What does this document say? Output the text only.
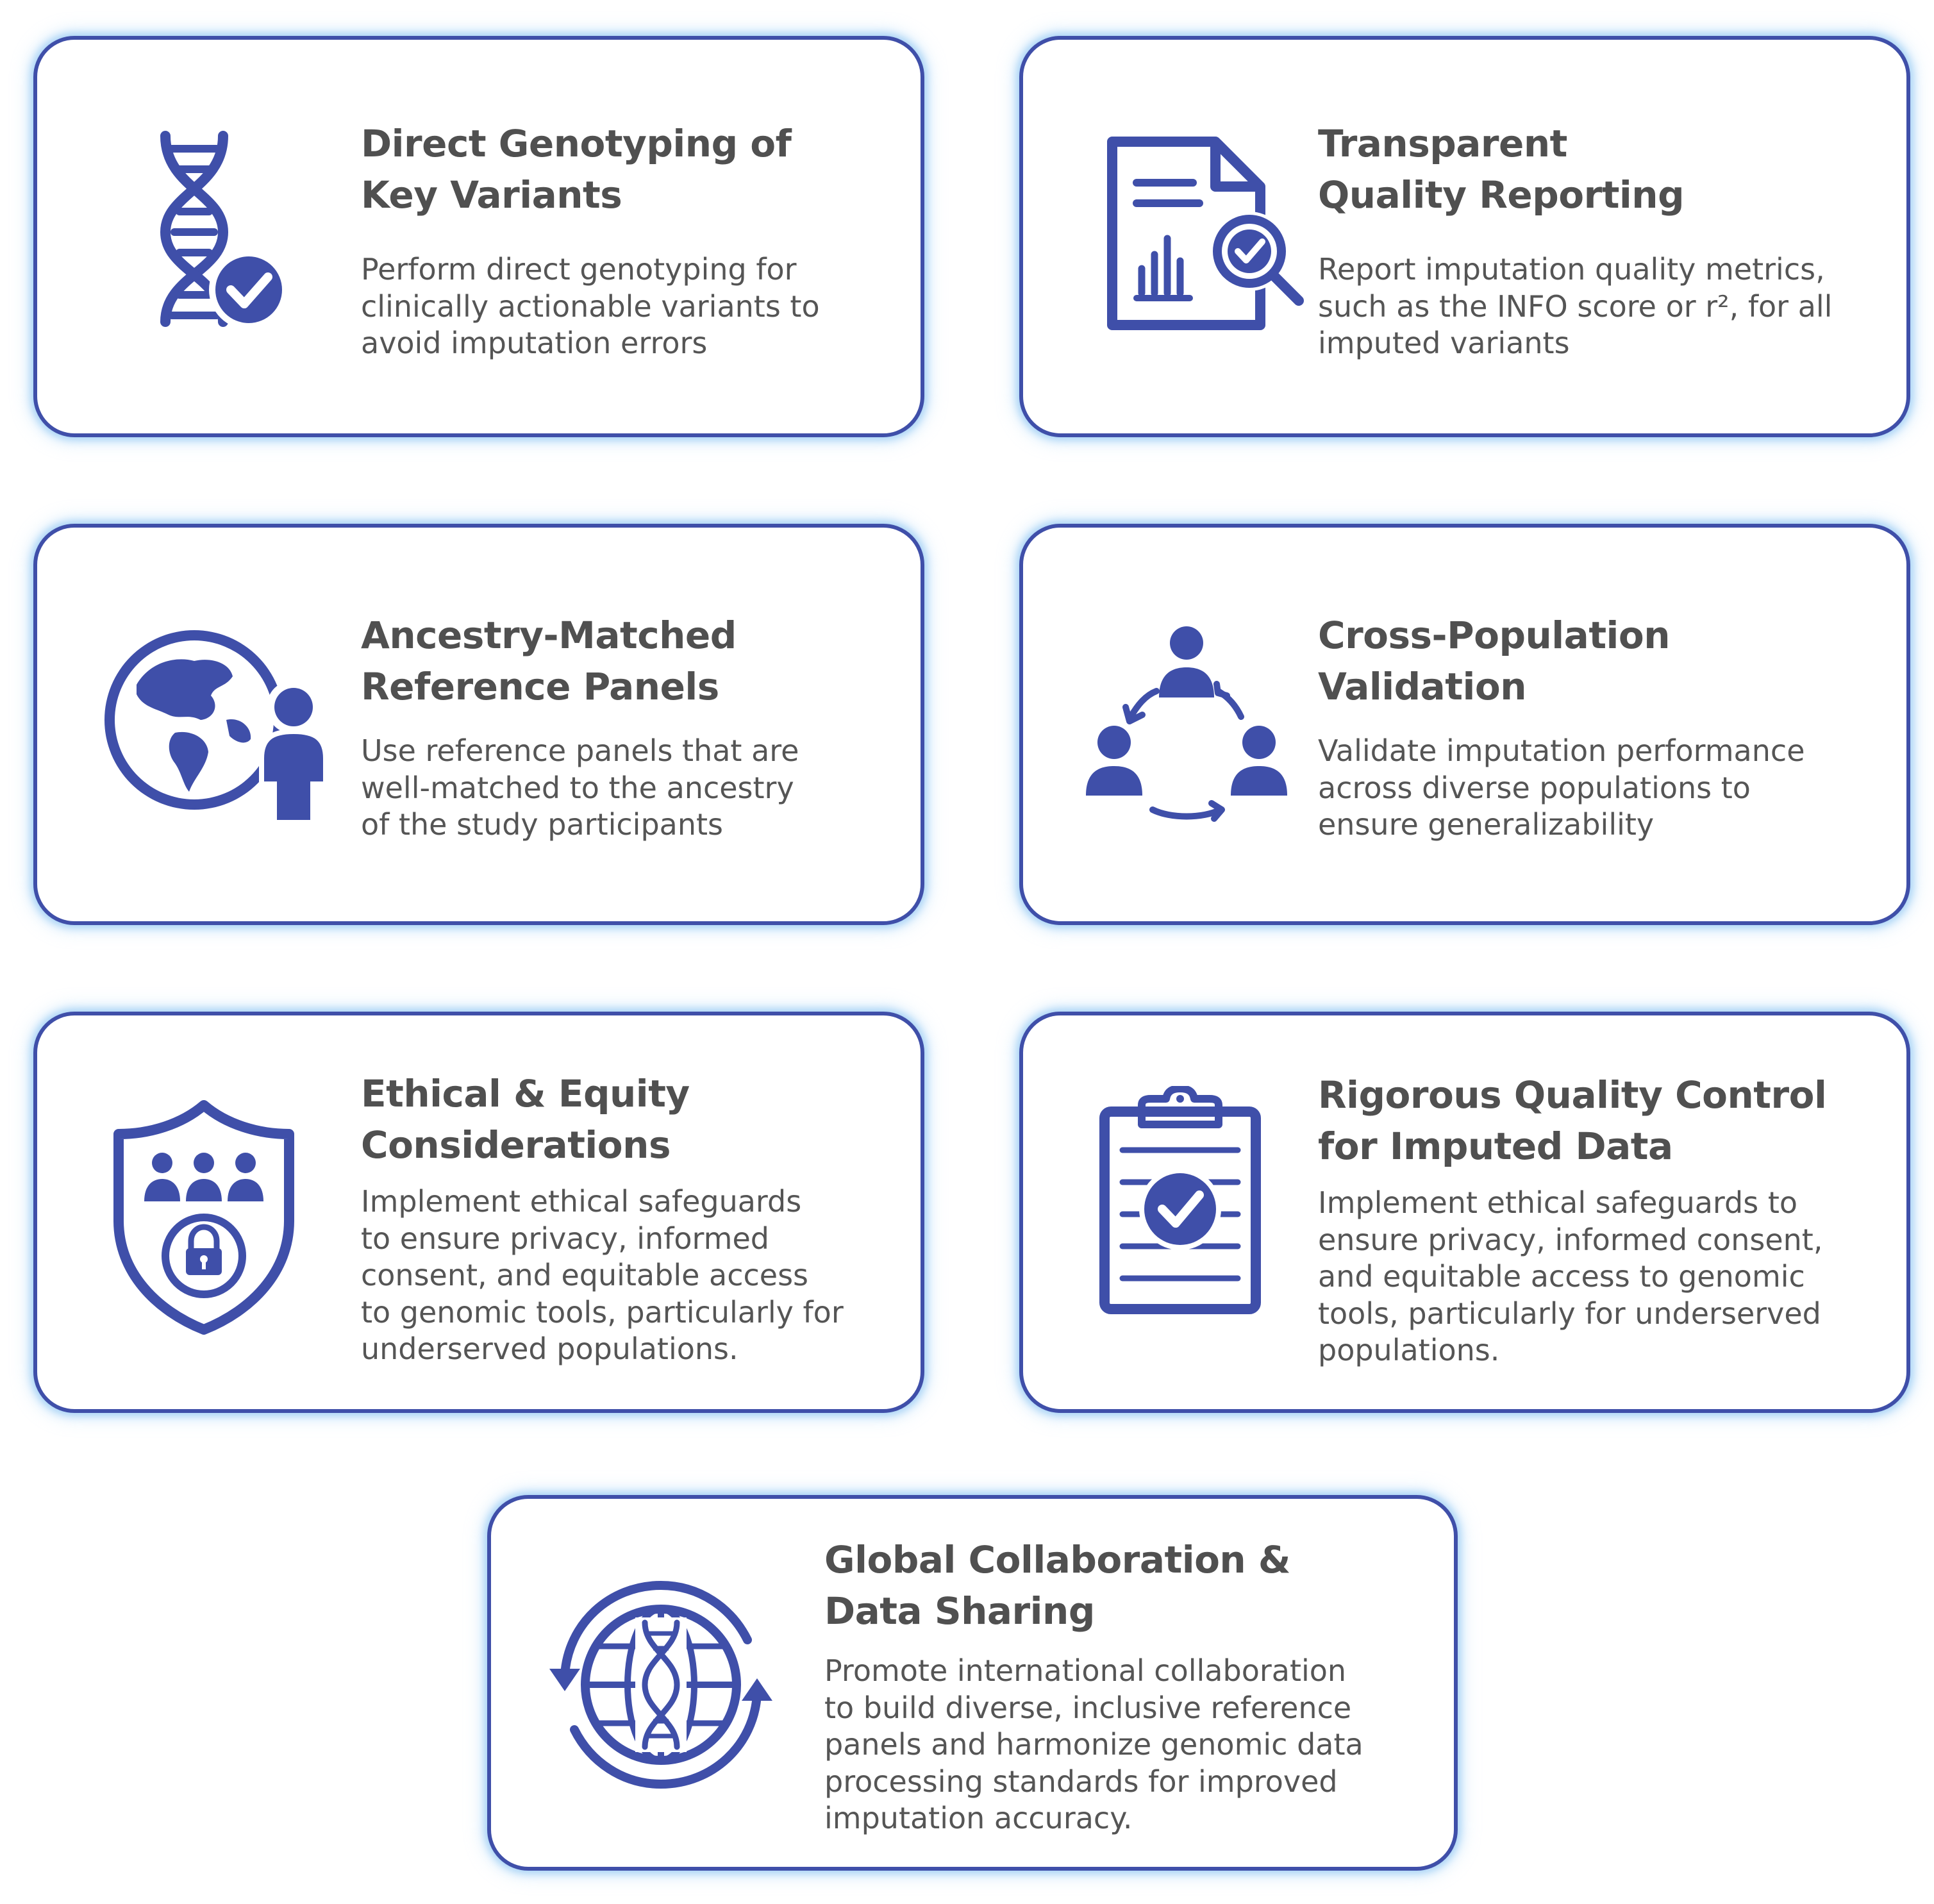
Direct Genotyping of
Key Variants

Perform direct genotyping for
clinically actionable variants to
avoid imputation errors

Transparent
Quality Reporting

Report imputation quality metrics,
such as the INFO score or r², for all
imputed variants

Ancestry-Matched
Reference Panels

Use reference panels that are
well-matched to the ancestry
of the study participants

Cross-Population
Validation

Validate imputation performance
across diverse populations to
ensure generalizability

Ethical & Equity
Considerations

Implement ethical safeguards
to ensure privacy, informed
consent, and equitable access
to genomic tools, particularly for
underserved populations.

Rigorous Quality Control
for Imputed Data

Implement ethical safeguards to
ensure privacy, informed consent,
and equitable access to genomic
tools, particularly for underserved
populations.

Global Collaboration &
Data Sharing

Promote international collaboration
to build diverse, inclusive reference
panels and harmonize genomic data
processing standards for improved
imputation accuracy.
